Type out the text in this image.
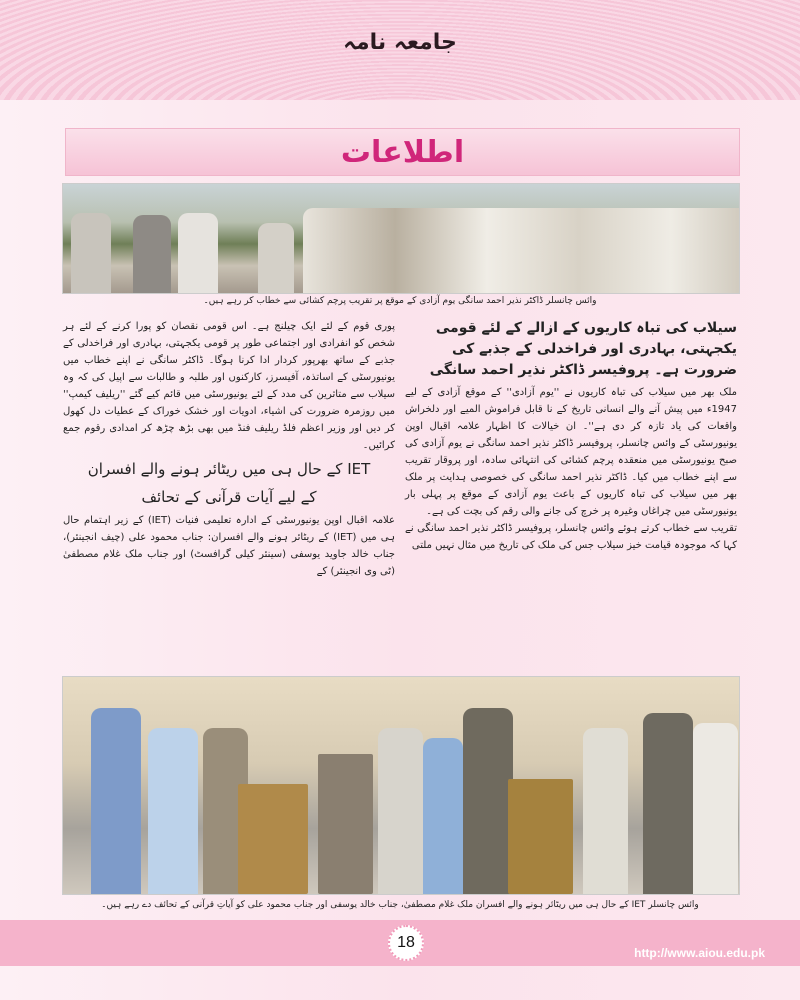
جامعہ نامہ
اطلاعات
وائس چانسلر ڈاکٹر نذیر احمد سانگی یوم آزادی کے موقع پر تقریب پرچم کشائی سے خطاب کر رہے ہیں۔
سیلاب کی تباہ کاریوں کے ازالے کے لئے قومی یکجہتی، بہادری اور فراخدلی کے جذبے کی ضرورت ہے۔ پروفیسر ڈاکٹر نذیر احمد سانگی

ملک بھر میں سیلاب کی تباہ کاریوں نے ''یوم آزادی'' کے موقع آزادی کے لیے 1947ء میں پیش آنے والے انسانی تاریخ کے نا قابل فراموش المیے اور دلخراش واقعات کی یاد تازہ کر دی ہے''۔ ان خیالات کا اظہار علامہ اقبال اوپن یونیورسٹی کے وائس چانسلر، پروفیسر ڈاکٹر نذیر احمد سانگی نے یوم آزادی کی صبح یونیورسٹی میں منعقدہ پرچم کشائی کی انتہائی سادہ، اور پروقار تقریب سے اپنے خطاب میں کیا۔ ڈاکٹر نذیر احمد سانگی کی خصوصی ہدایت پر ملک بھر میں سیلاب کی تباہ کاریوں کے باعث یوم آزادی کے موقع پر پہلی بار یونیورسٹی میں چراغاں وغیرہ پر خرچ کی جانے والی رقم کی بچت کی ہے۔

تقریب سے خطاب کرتے ہوئے وائس چانسلر، پروفیسر ڈاکٹر نذیر احمد سانگی نے کہا کہ موجودہ قیامت خیز سیلاب جس کی ملک کی تاریخ میں مثال نہیں ملتی

پوری قوم کے لئے ایک چیلنج ہے۔ اس قومی نقصان کو پورا کرنے کے لئے ہر شخص کو انفرادی اور اجتماعی طور پر قومی یکجہتی، بہادری اور فراخدلی کے جذبے کے ساتھ بھرپور کردار ادا کرنا ہوگا۔ ڈاکٹر سانگی نے اپنے خطاب میں یونیورسٹی کے اساتذہ، آفیسرز، کارکنوں اور طلبہ و طالبات سے اپیل کی کہ وہ سیلاب سے متاثرین کی مدد کے لئے یونیورسٹی میں قائم کیے گئے ''ریلیف کیمپ'' میں روزمرہ ضرورت کی اشیاء، ادویات اور خشک خوراک کے عطیات دل کھول کر دیں اور وزیر اعظم فلڈ ریلیف فنڈ میں بھی بڑھ چڑھ کر امدادی رقوم جمع کرائیں۔

IET کے حال ہی میں ریٹائر ہونے والے افسران
کے لیے آیات قرآنی کے تحائف

علامہ اقبال اوپن یونیورسٹی کے ادارہ تعلیمی فنیات (IET) کے زیر اہتمام حال ہی میں (IET) کے ریٹائر ہونے والے افسران: جناب محمود علی (چیف انجینئر)، جناب خالد جاوید یوسفی (سینئر کیلی گرافسٹ) اور جناب ملک غلام مصطفیٰ (ٹی وی انجینئر) کے

وائس چانسلر IET کے حال ہی میں ریٹائر ہونے والے افسران ملک غلام مصطفیٰ، جناب خالد یوسفی اور جناب محمود علی کو آیاتِ قرآنی کے تحائف دے رہے ہیں۔
18
http://www.aiou.edu.pk
